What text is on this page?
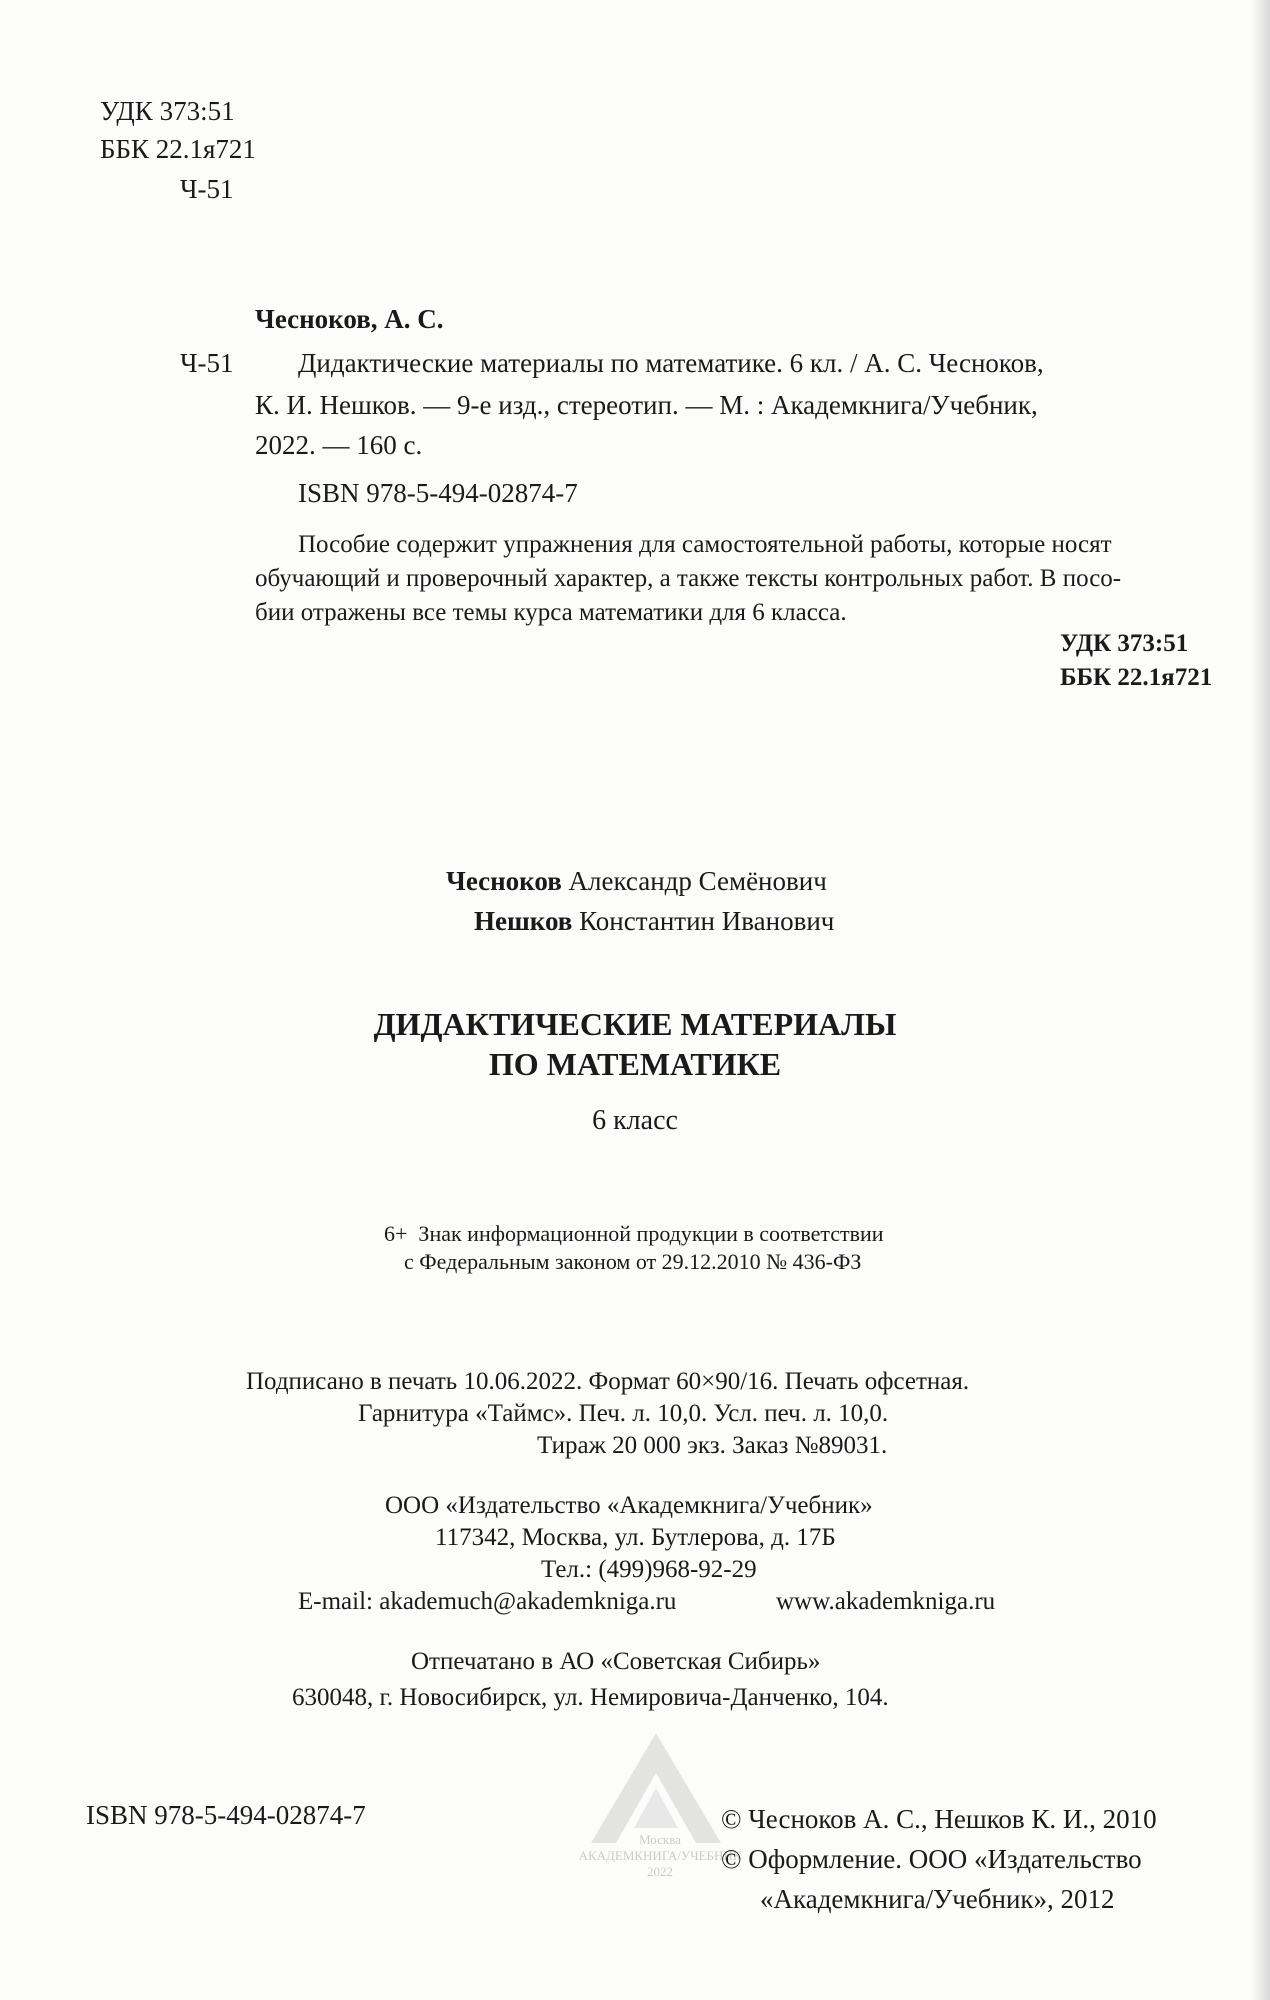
УДК 373:51
ББК 22.1я721
Ч-51
Чесноков, А. С.
Ч-51 Дидактические материалы по математике. 6 кл. / А. С. Чесноков,
К. И. Нешков. — 9-е изд., стереотип. — М. : Академкнига/Учебник,
2022. — 160 с.
ISBN 978-5-494-02874-7
Пособие содержит упражнения для самостоятельной работы, которые носят
обучающий и проверочный характер, а также тексты контрольных работ. В посо-
бии отражены все темы курса математики для 6 класса.
УДК 373:51
ББК 22.1я721
Чесноков Александр Семёнович
Нешков Константин Иванович
ДИДАКТИЧЕСКИЕ МАТЕРИАЛЫ
ПО МАТЕМАТИКЕ
6 класс
6+ Знак информационной продукции в соответствии
с Федеральным законом от 29.12.2010 № 436-ФЗ
Подписано в печать 10.06.2022. Формат 60×90/16. Печать офсетная.
Гарнитура «Таймс». Печ. л. 10,0. Усл. печ. л. 10,0.
Тираж 20 000 экз. Заказ №89031.
ООО «Издательство «Академкнига/Учебник»
117342, Москва, ул. Бутлерова, д. 17Б
Тел.: (499)968-92-29
E-mail: akademuch@akademkniga.ru	www.akademkniga.ru
Отпечатано в АО «Советская Сибирь»
630048, г. Новосибирск, ул. Немировича-Данченко, 104.
Москва
АКАДЕМКНИГА/УЧЕБНИК
2022
ISBN 978-5-494-02874-7	© Чесноков А. С., Нешков К. И., 2010
© Оформление. ООО «Издательство
«Академкнига/Учебник», 2012
